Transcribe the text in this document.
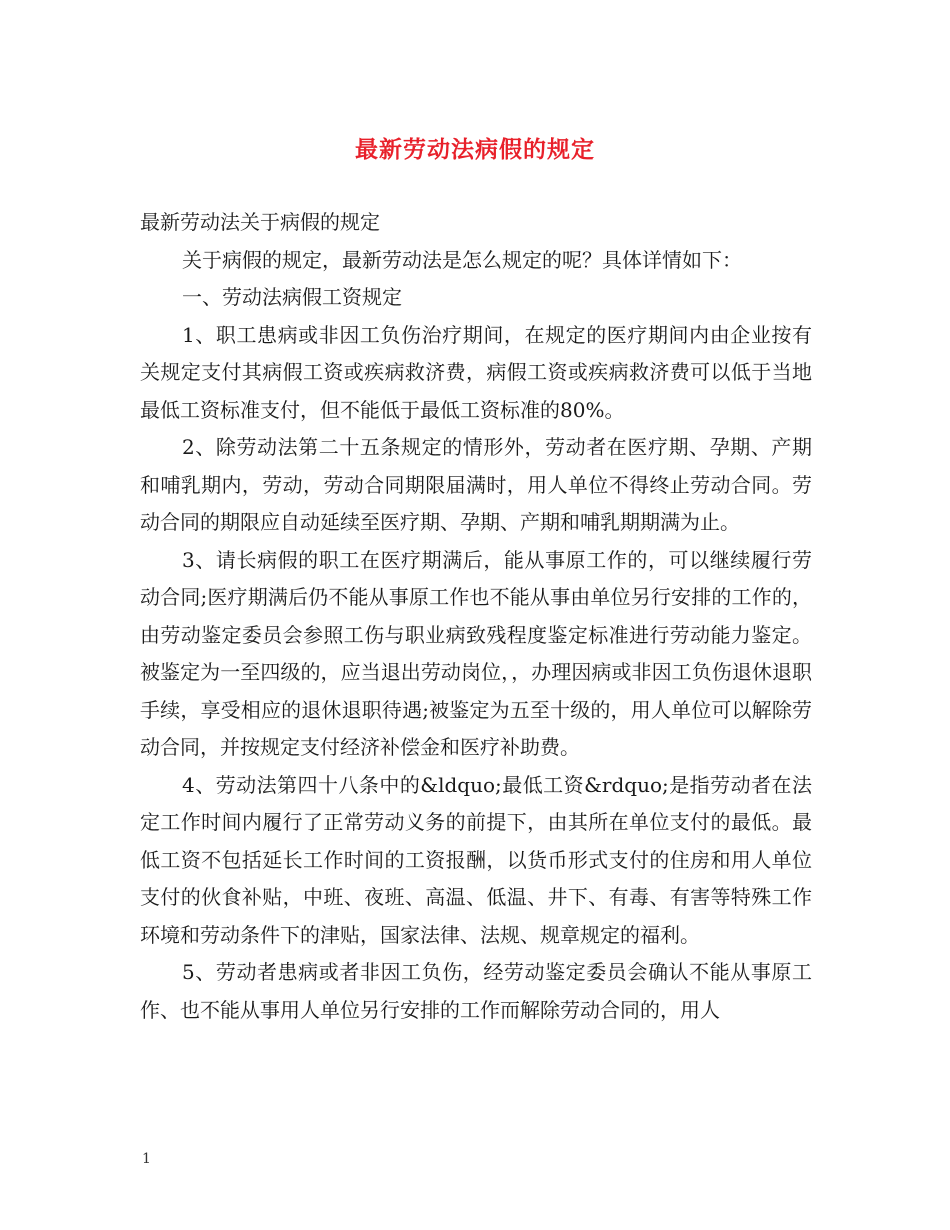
最新劳动法病假的规定

最新劳动法关于病假的规定

关于病假的规定，最新劳动法是怎么规定的呢？具体详情如下：

一、劳动法病假工资规定

1、职工患病或非因工负伤治疗期间，在规定的医疗期间内由企业按有关规定支付其病假工资或疾病救济费，病假工资或疾病救济费可以低于当地最低工资标准支付，但不能低于最低工资标准的80%。

2、除劳动法第二十五条规定的情形外，劳动者在医疗期、孕期、产期和哺乳期内，劳动，劳动合同期限届满时，用人单位不得终止劳动合同。劳动合同的期限应自动延续至医疗期、孕期、产期和哺乳期期满为止。

3、请长病假的职工在医疗期满后，能从事原工作的，可以继续履行劳动合同;医疗期满后仍不能从事原工作也不能从事由单位另行安排的工作的，由劳动鉴定委员会参照工伤与职业病致残程度鉴定标准进行劳动能力鉴定。被鉴定为一至四级的，应当退出劳动岗位，，办理因病或非因工负伤退休退职手续，享受相应的退休退职待遇;被鉴定为五至十级的，用人单位可以解除劳动合同，并按规定支付经济补偿金和医疗补助费。

4、劳动法第四十八条中的&ldquo;最低工资&rdquo;是指劳动者在法定工作时间内履行了正常劳动义务的前提下，由其所在单位支付的最低。最低工资不包括延长工作时间的工资报酬，以货币形式支付的住房和用人单位支付的伙食补贴，中班、夜班、高温、低温、井下、有毒、有害等特殊工作环境和劳动条件下的津贴，国家法律、法规、规章规定的福利。

5、劳动者患病或者非因工负伤，经劳动鉴定委员会确认不能从事原工作、也不能从事用人单位另行安排的工作而解除劳动合同的，用人

1
